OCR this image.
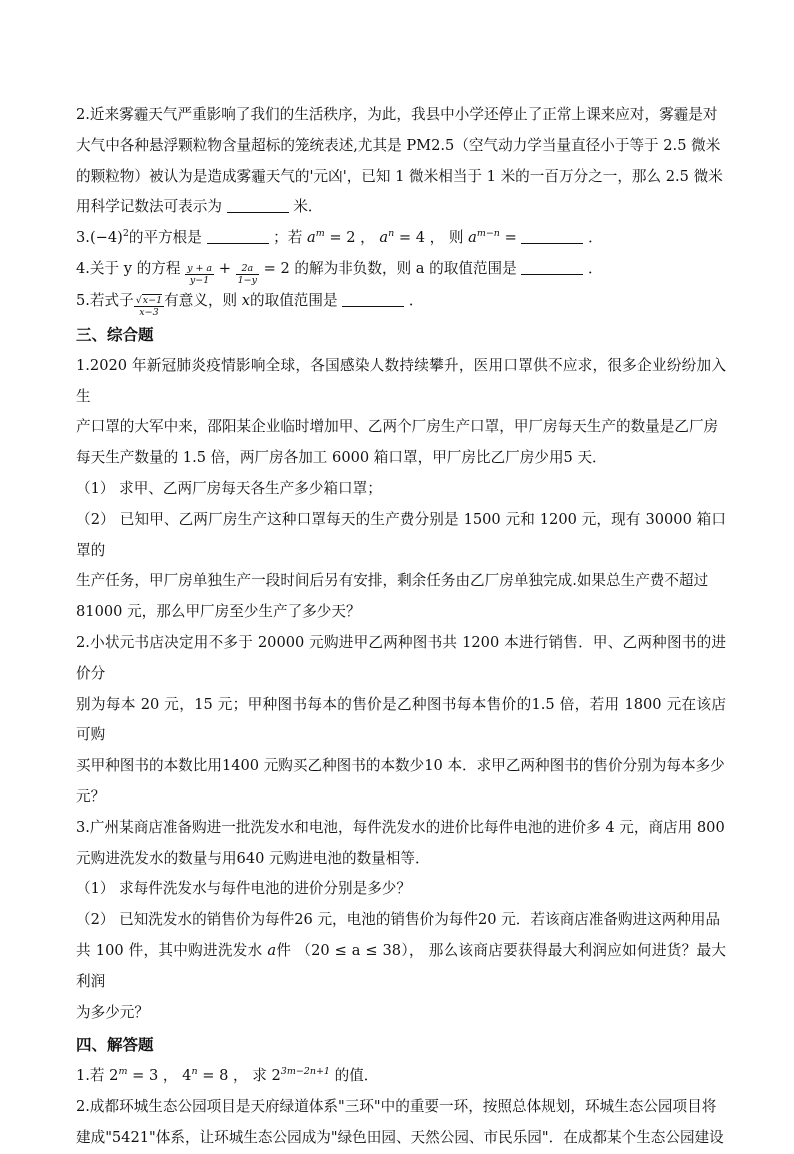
2.近来雾霾天气严重影响了我们的生活秩序，为此，我县中小学还停止了正常上课来应对，雾霾是对

大气中各种悬浮颗粒物含量超标的笼统表述,尤其是 PM2.5（空气动力学当量直径小于等于 2.5 微米

的颗粒物）被认为是造成雾霾天气的'元凶'，已知 1 微米相当于 1 米的一百万分之一，那么 2.5 微米

用科学记数法可表示为	米．

$3.(-4)^2$的平方根是	；若 $a^m = 2$ ， $a^n = 4$ ， 则 $a^{m-n}$ =	．

4.关于 y 的方程 $\frac{y + a}{y-1} + \frac{2a}{1-y} = 2$ 的解为非负数，则 a 的取值范围是	．

5.若式子 $\frac{√x-1}{x-3}$ 有意义，则 x的取值范围是	．

三、综合题

1.2020 年新冠肺炎疫情影响全球，各国感染人数持续攀升，医用口罩供不应求，很多企业纷纷加入生

产口罩的大军中来，邵阳某企业临时增加甲、乙两个厂房生产口罩，甲厂房每天生产的数量是乙厂房

每天生产数量的 1.5 倍，两厂房各加工 6000 箱口罩，甲厂房比乙厂房少用5 天．

（1） 求甲、乙两厂房每天各生产多少箱口罩；

（2） 已知甲、乙两厂房生产这种口罩每天的生产费分别是 1500 元和 1200 元，现有 30000 箱口罩的

生产任务，甲厂房单独生产一段时间后另有安排，剩余任务由乙厂房单独完成.如果总生产费不超过

81000 元，那么甲厂房至少生产了多少天？

2.小状元书店决定用不多于 20000 元购进甲乙两种图书共 1200 本进行销售．甲、乙两种图书的进价分

别为每本 20 元，15 元；甲种图书每本的售价是乙种图书每本售价的1.5 倍，若用 1800 元在该店可购

买甲种图书的本数比用1400 元购买乙种图书的本数少10 本．求甲乙两种图书的售价分别为每本多少

元？

3.广州某商店准备购进一批洗发水和电池，每件洗发水的进价比每件电池的进价多 4 元，商店用 800

元购进洗发水的数量与用640 元购进电池的数量相等．

（1） 求每件洗发水与每件电池的进价分别是多少？

（2） 已知洗发水的销售价为每件26 元，电池的销售价为每件20 元．若该商店准备购进这两种用品

共 100 件，其中购进洗发水 a件 （20 ≤ a ≤ 38）， 那么该商店要获得最大利润应如何进货？最大利润

为多少元？

四、解答题

1.若 $2^m = 3$ ， $4^n = 8$ ， 求 $2^{3m-2n+1}$ 的值．

2.成都环城生态公园项目是天府绿道体系"三环"中的重要一环，按照总体规划，环城生态公园项目将

建成"5421"体系，让环城生态公园成为"绿色田园、天然公园、市民乐园"．在成都某个生态公园建设
